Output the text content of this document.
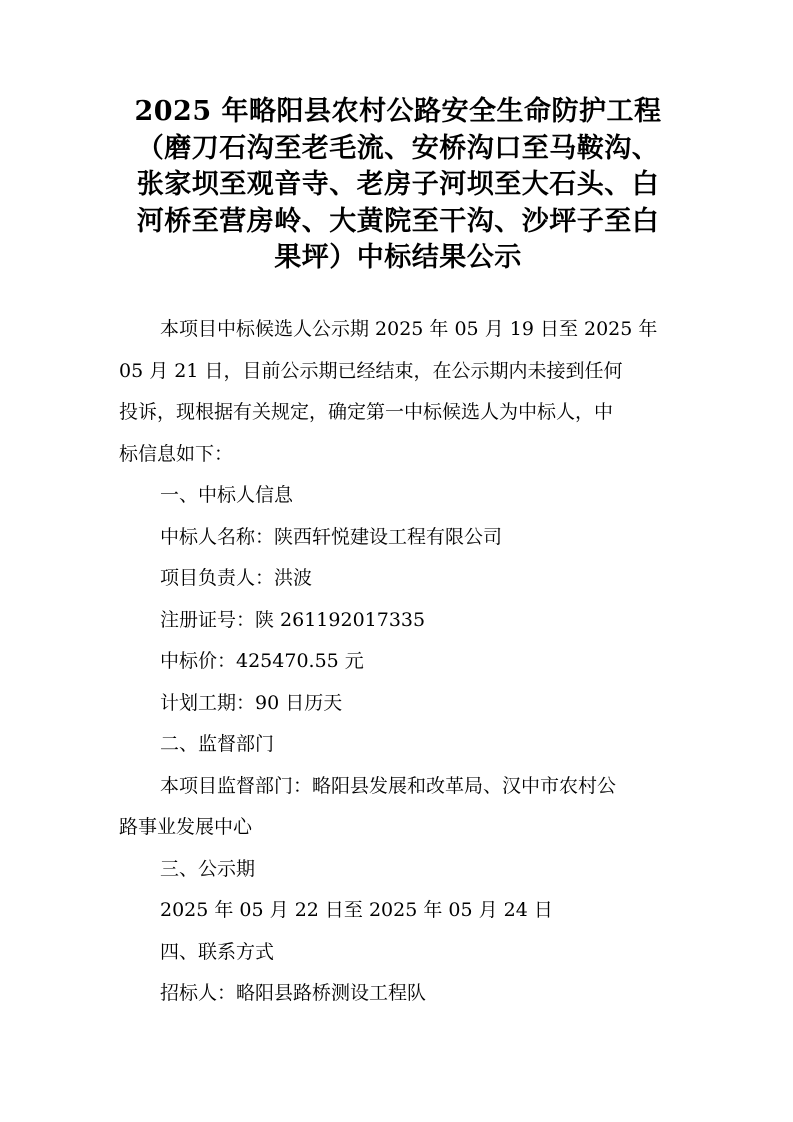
2025 年略阳县农村公路安全生命防护工程
（磨刀石沟至老毛流、安桥沟口至马鞍沟、
张家坝至观音寺、老房子河坝至大石头、白
河桥至营房岭、大黄院至干沟、沙坪子至白
果坪）中标结果公示

本项目中标候选人公示期 2025 年 05 月 19 日至 2025 年

05 月 21 日，目前公示期已经结束，在公示期内未接到任何

投诉，现根据有关规定，确定第一中标候选人为中标人，中

标信息如下：

一、中标人信息

中标人名称：陕西轩悦建设工程有限公司

项目负责人：洪波

注册证号：陕 261192017335

中标价：425470.55 元

计划工期：90 日历天

二、监督部门

本项目监督部门：略阳县发展和改革局、汉中市农村公

路事业发展中心

三、公示期

2025 年 05 月 22 日至 2025 年 05 月 24 日

四、联系方式

招标人：略阳县路桥测设工程队
